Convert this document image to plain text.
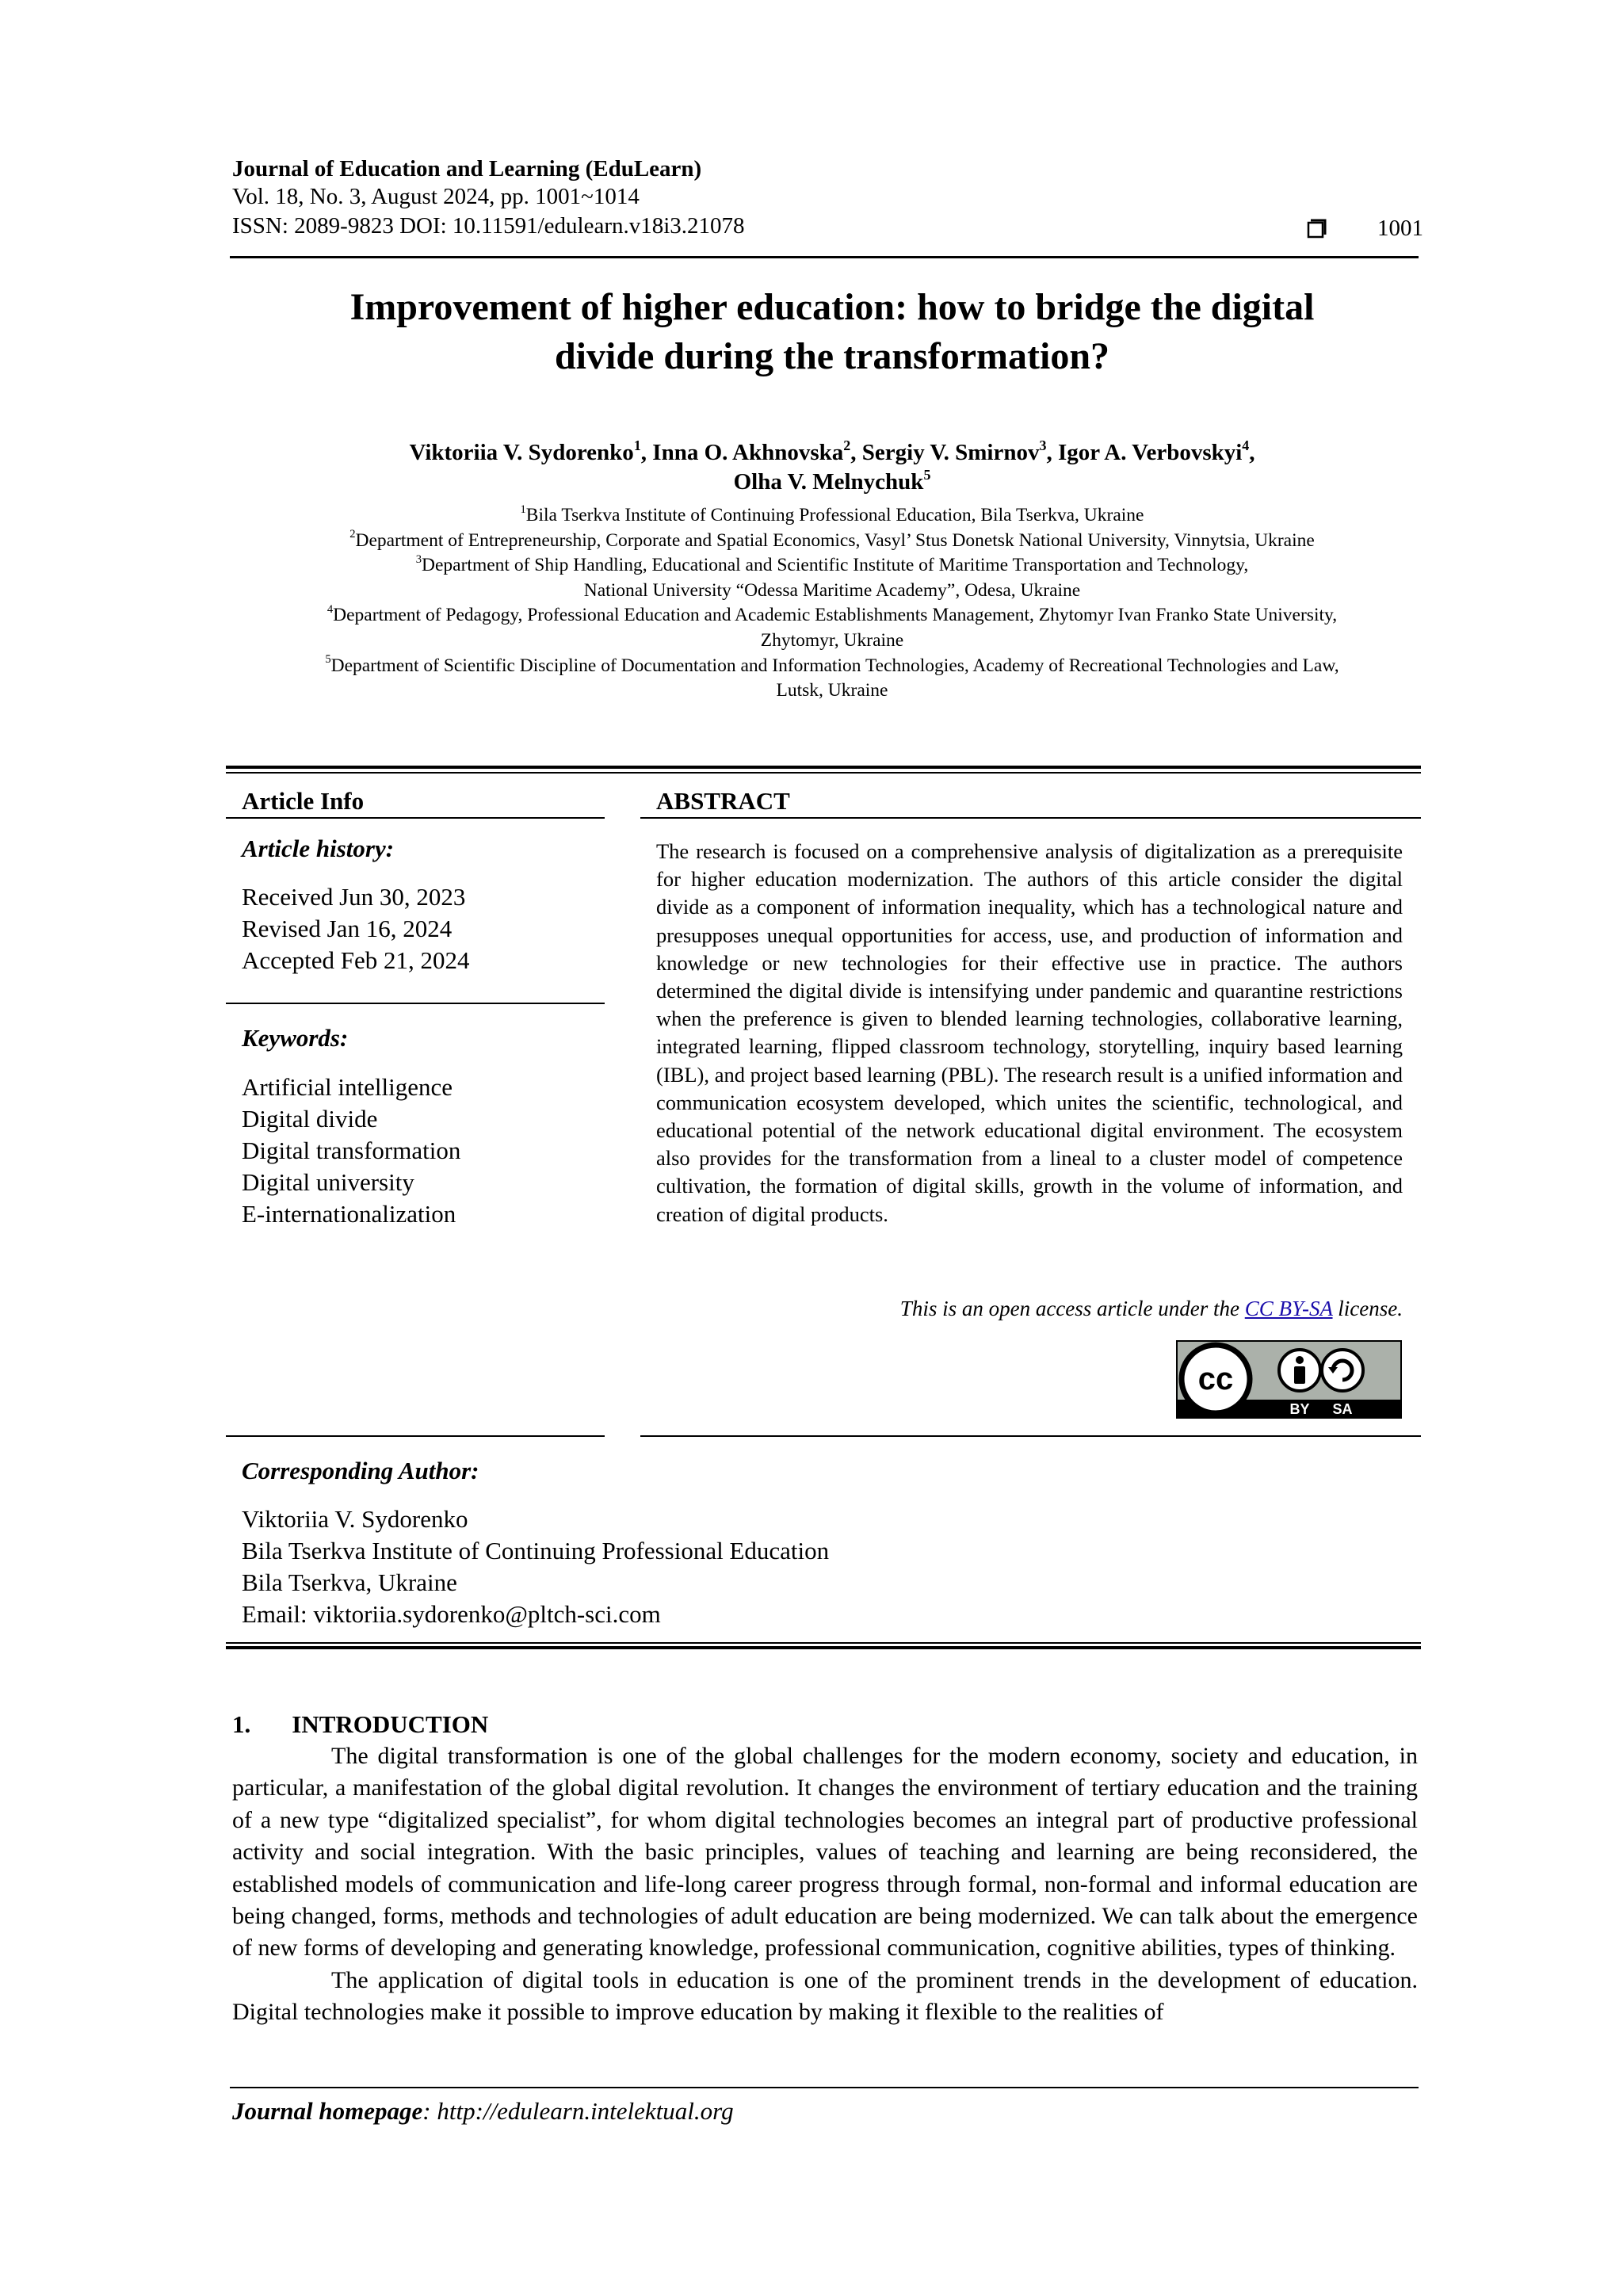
Journal of Education and Learning (EduLearn)
Vol. 18, No. 3, August 2024, pp. 1001~1014
ISSN: 2089-9823 DOI: 10.11591/edulearn.v18i3.21078	1001
Improvement of higher education: how to bridge the digital
divide during the transformation?
Viktoriia V. Sydorenko$^1$, Inna O. Akhnovska$^2$, Sergiy V. Smirnov$^3$, Igor A. Verbovskyi$^4$,
Olha V. Melnychuk$^5$
$^1$Bila Tserkva Institute of Continuing Professional Education, Bila Tserkva, Ukraine
$^2$Department of Entrepreneurship, Corporate and Spatial Economics, Vasyl’ Stus Donetsk National University, Vinnytsia, Ukraine
$^3$Department of Ship Handling, Educational and Scientific Institute of Maritime Transportation and Technology,
National University “Odessa Maritime Academy”, Odesa, Ukraine
$^4$Department of Pedagogy, Professional Education and Academic Establishments Management, Zhytomyr Ivan Franko State University,
Zhytomyr, Ukraine
$^5$Department of Scientific Discipline of Documentation and Information Technologies, Academy of Recreational Technologies and Law,
Lutsk, Ukraine
Article Info
Article history:
Received Jun 30, 2023
Revised Jan 16, 2024
Accepted Feb 21, 2024
Keywords:
Artificial intelligence
Digital divide
Digital transformation
Digital university
E-internationalization
ABSTRACT
The research is focused on a comprehensive analysis of digitalization as a prerequisite for higher education modernization. The authors of this article consider the digital divide as a component of information inequality, which has a technological nature and presupposes unequal opportunities for access, use, and production of information and knowledge or new technologies for their effective use in practice. The authors determined the digital divide is intensifying under pandemic and quarantine restrictions when the preference is given to blended learning technologies, collaborative learning, integrated learning, flipped classroom technology, storytelling, inquiry based learning (IBL), and project based learning (PBL). The research result is a unified information and communication ecosystem developed, which unites the scientific, technological, and educational potential of the network educational digital environment. The ecosystem also provides for the transformation from a lineal to a cluster model of competence cultivation, the formation of digital skills, growth in the volume of information, and creation of digital products.
This is an open access article under the CC BY-SA license.
cc
BY SA
Corresponding Author:
Viktoriia V. Sydorenko
Bila Tserkva Institute of Continuing Professional Education
Bila Tserkva, Ukraine
Email: viktoriia.sydorenko@pltch-sci.com
1. INTRODUCTION

The digital transformation is one of the global challenges for the modern economy, society and education, in particular, a manifestation of the global digital revolution. It changes the environment of tertiary education and the training of a new type “digitalized specialist”, for whom digital technologies becomes an integral part of productive professional activity and social integration. With the basic principles, values of teaching and learning are being reconsidered, the established models of communication and life-long career progress through formal, non-formal and informal education are being changed, forms, methods and technologies of adult education are being modernized. We can talk about the emergence of new forms of developing and generating knowledge, professional communication, cognitive abilities, types of thinking.

The application of digital tools in education is one of the prominent trends in the development of education. Digital technologies make it possible to improve education by making it flexible to the realities of

Journal homepage: http://edulearn.intelektual.org
